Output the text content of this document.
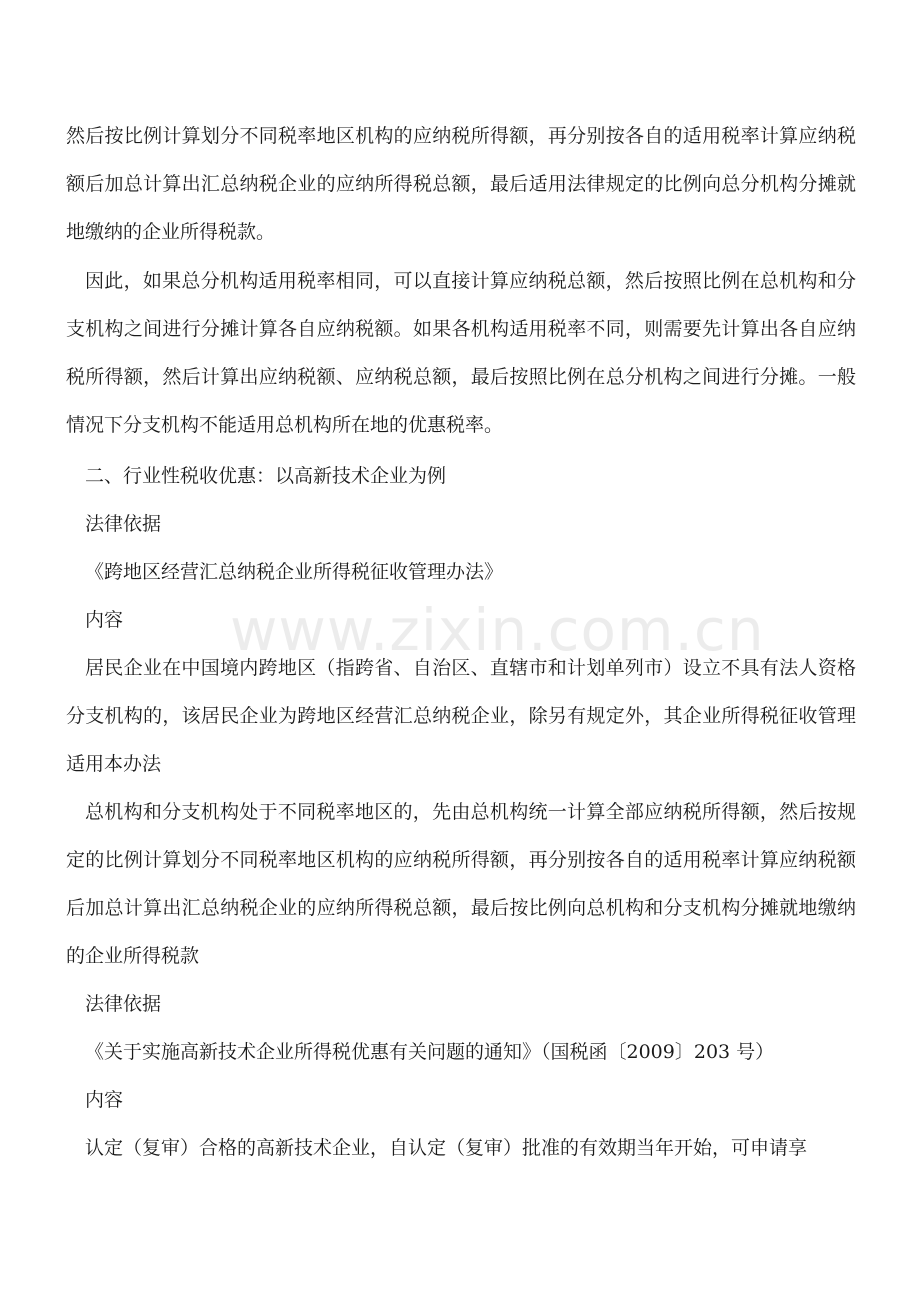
然后按比例计算划分不同税率地区机构的应纳税所得额，再分别按各自的适用税率计算应纳税额后加总计算出汇总纳税企业的应纳所得税总额，最后适用法律规定的比例向总分机构分摊就地缴纳的企业所得税款。

因此，如果总分机构适用税率相同，可以直接计算应纳税总额，然后按照比例在总机构和分支机构之间进行分摊计算各自应纳税额。如果各机构适用税率不同，则需要先计算出各自应纳税所得额，然后计算出应纳税额、应纳税总额，最后按照比例在总分机构之间进行分摊。一般情况下分支机构不能适用总机构所在地的优惠税率。

二、行业性税收优惠：以高新技术企业为例

法律依据

《跨地区经营汇总纳税企业所得税征收管理办法》

内容

居民企业在中国境内跨地区（指跨省、自治区、直辖市和计划单列市）设立不具有法人资格分支机构的，该居民企业为跨地区经营汇总纳税企业，除另有规定外，其企业所得税征收管理适用本办法

总机构和分支机构处于不同税率地区的，先由总机构统一计算全部应纳税所得额，然后按规定的比例计算划分不同税率地区机构的应纳税所得额，再分别按各自的适用税率计算应纳税额后加总计算出汇总纳税企业的应纳所得税总额，最后按比例向总机构和分支机构分摊就地缴纳的企业所得税款

法律依据

《关于实施高新技术企业所得税优惠有关问题的通知》（国税函〔2009〕203 号）

内容

认定（复审）合格的高新技术企业，自认定（复审）批准的有效期当年开始，可申请享

www.zixin.com.cn
